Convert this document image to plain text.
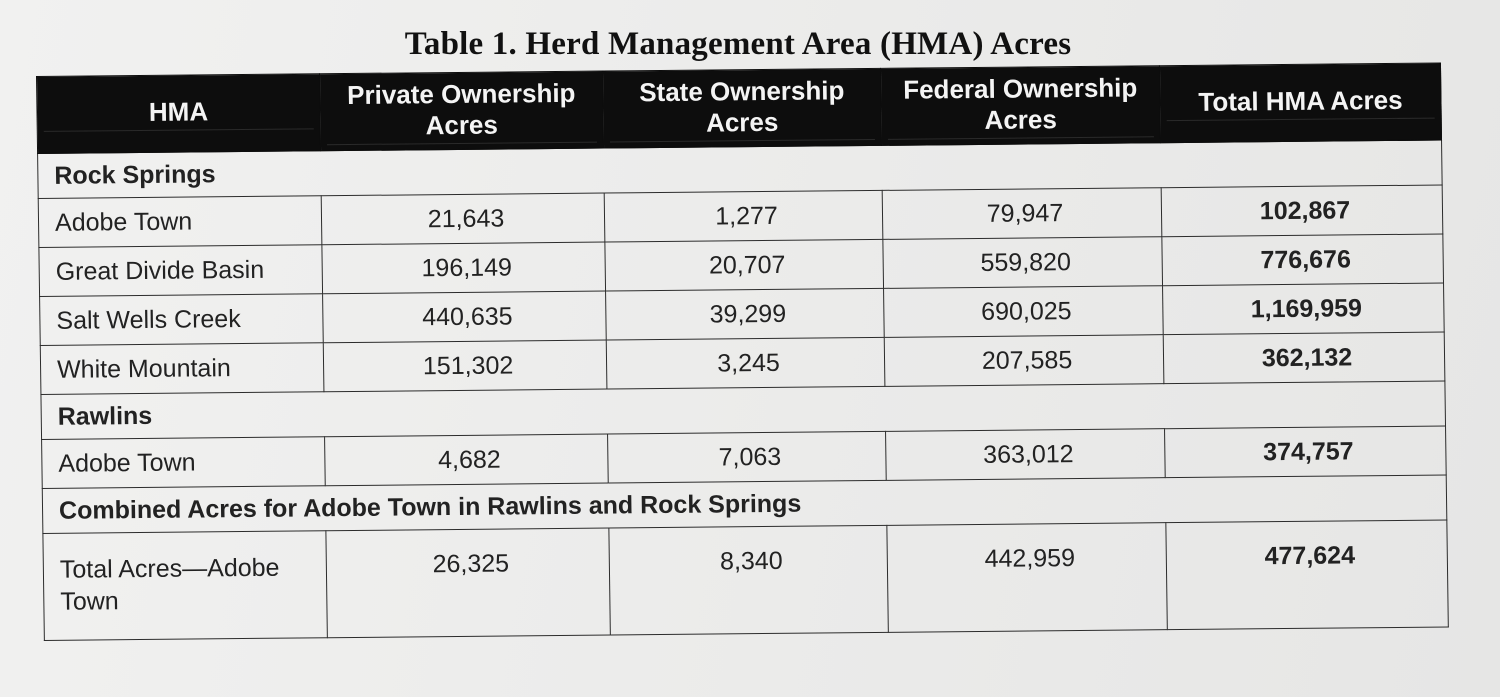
Table 1. Herd Management Area (HMA) Acres
HMA	Private Ownership Acres	State Ownership Acres	Federal Ownership Acres	Total HMA Acres

Rock Springs				
Adobe Town	21,643	1,277	79,947	102,867
Great Divide Basin	196,149	20,707	559,820	776,676
Salt Wells Creek	440,635	39,299	690,025	1,169,959
White Mountain	151,302	3,245	207,585	362,132
Rawlins				
Adobe Town	4,682	7,063	363,012	374,757
Combined Acres for Adobe Town in Rawlins and Rock Springs				
Total Acres—Adobe Town	26,325	8,340	442,959	477,624
